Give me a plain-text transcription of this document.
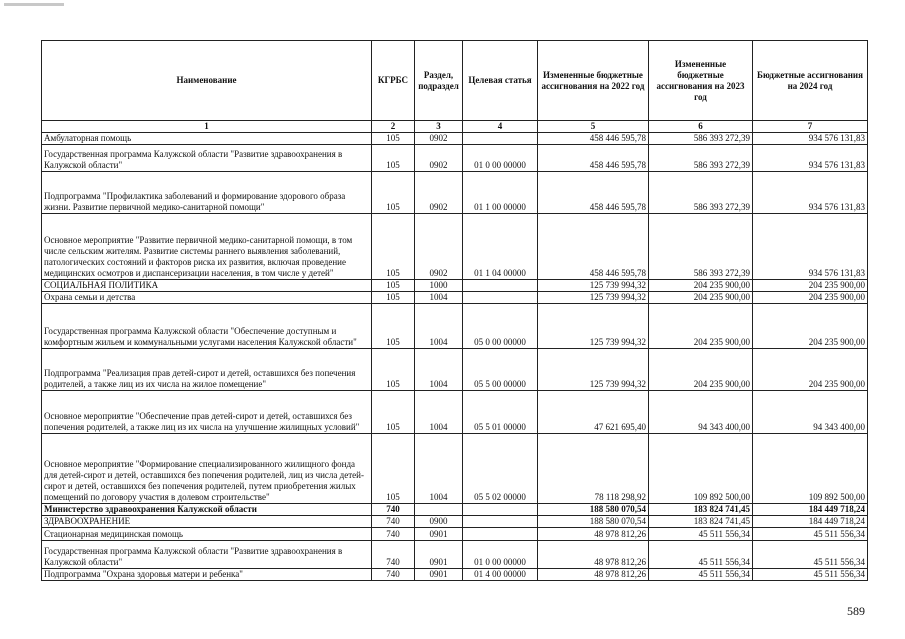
Наименование	КГРБС	Раздел, подраздел	Целевая статья	Измененные бюджетные ассигнования на 2022 год	Измененные бюджетные ассигнования на 2023 год	Бюджетные ассигнования на 2024 год
1	2	3	4	5	6	7
Амбулаторная помощь	105	0902		458 446 595,78	586 393 272,39	934 576 131,83
Государственная программа Калужской области "Развитие здравоохранения в Калужской области"	105	0902	01 0 00 00000	458 446 595,78	586 393 272,39	934 576 131,83
Подпрограмма "Профилактика заболеваний и формирование здорового образа жизни. Развитие первичной медико-санитарной помощи"	105	0902	01 1 00 00000	458 446 595,78	586 393 272,39	934 576 131,83
Основное мероприятие "Развитие первичной медико-санитарной помощи, в том числе сельским жителям. Развитие системы раннего выявления заболеваний, патологических состояний и факторов риска их развития, включая проведение медицинских осмотров и диспансеризации населения, в том числе у детей"	105	0902	01 1 04 00000	458 446 595,78	586 393 272,39	934 576 131,83
СОЦИАЛЬНАЯ ПОЛИТИКА	105	1000		125 739 994,32	204 235 900,00	204 235 900,00
Охрана семьи и детства	105	1004		125 739 994,32	204 235 900,00	204 235 900,00
Государственная программа Калужской области "Обеспечение доступным и комфортным жильем и коммунальными услугами населения Калужской области"	105	1004	05 0 00 00000	125 739 994,32	204 235 900,00	204 235 900,00
Подпрограмма "Реализация прав детей-сирот и детей, оставшихся без попечения родителей, а также лиц из их числа на жилое помещение"	105	1004	05 5 00 00000	125 739 994,32	204 235 900,00	204 235 900,00
Основное мероприятие "Обеспечение прав детей-сирот и детей, оставшихся без попечения родителей, а также лиц из их числа на улучшение жилищных условий"	105	1004	05 5 01 00000	47 621 695,40	94 343 400,00	94 343 400,00
Основное мероприятие "Формирование специализированного жилищного фонда для детей-сирот и детей, оставшихся без попечения родителей, лиц из числа детей-сирот и детей, оставшихся без попечения родителей, путем приобретения жилых помещений по договору участия в долевом строительстве"	105	1004	05 5 02 00000	78 118 298,92	109 892 500,00	109 892 500,00
Министерство здравоохранения Калужской области	740			188 580 070,54	183 824 741,45	184 449 718,24
ЗДРАВООХРАНЕНИЕ	740	0900		188 580 070,54	183 824 741,45	184 449 718,24
Стационарная медицинская помощь	740	0901		48 978 812,26	45 511 556,34	45 511 556,34
Государственная программа Калужской области "Развитие здравоохранения в Калужской области"	740	0901	01 0 00 00000	48 978 812,26	45 511 556,34	45 511 556,34
Подпрограмма "Охрана здоровья матери и ребенка"	740	0901	01 4 00 00000	48 978 812,26	45 511 556,34	45 511 556,34
589
